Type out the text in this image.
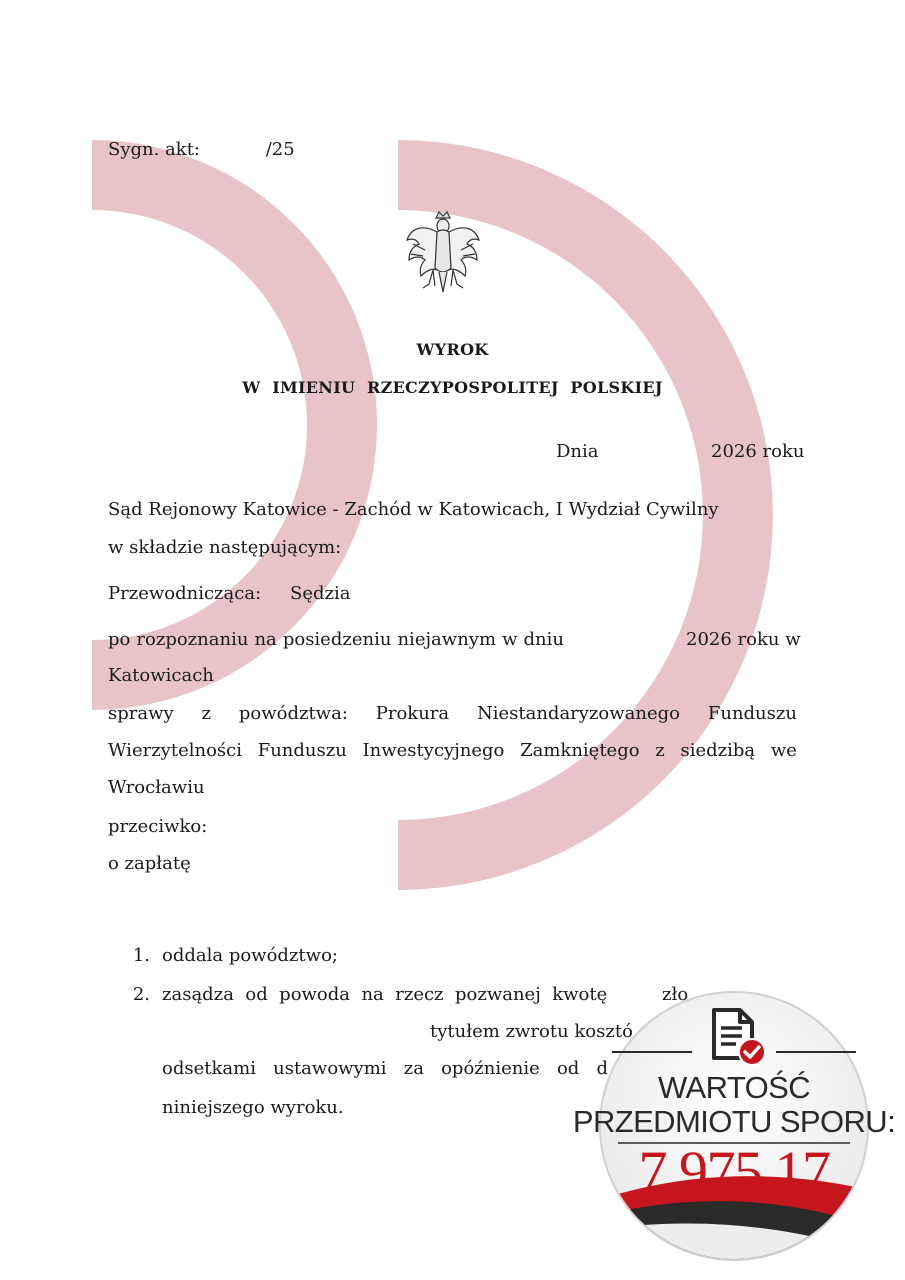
Sygn. akt:	/25
WYROK
W  IMIENIU  RZECZYPOSPOLITEJ  POLSKIEJ
Dnia	2026 roku
Sąd Rejonowy Katowice - Zachód w Katowicach, I Wydział Cywilny
w składzie następującym:
Przewodnicząca: Sędzia
po rozpoznaniu na posiedzeniu niejawnym w dniu	2026 roku w
Katowicach
sprawy z powództwa: Prokura Niestandaryzowanego Funduszu
Wierzytelności Funduszu Inwestycyjnego Zamkniętego z siedzibą we
Wrocławiu
przeciwko:
o zapłatę
1. oddala powództwo;
2. zasądza  od  powoda  na  rzecz  pozwanej  kwotę	zło
tytułem zwrotu kosztó
odsetkami   ustawowymi   za   opóźnienie   od   d
niniejszego wyroku.
WARTOŚĆ
PRZEDMIOTU SPORU:
7.975,17
